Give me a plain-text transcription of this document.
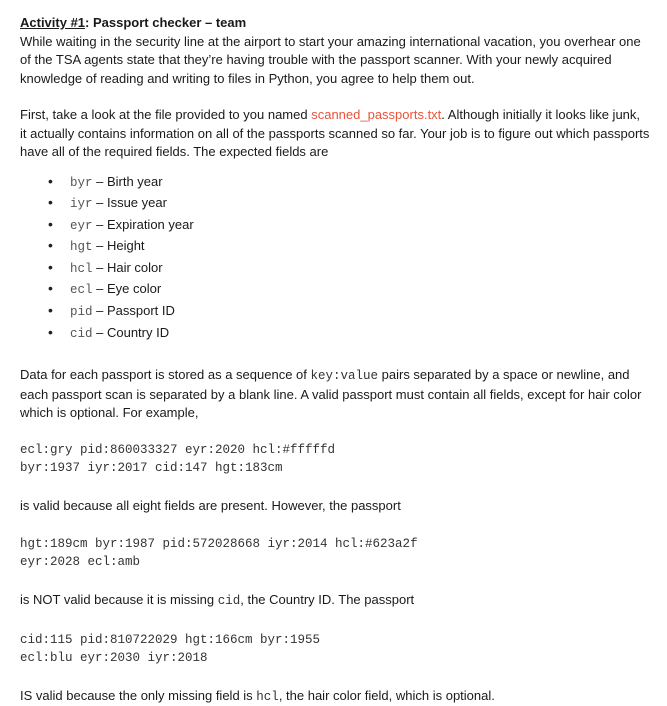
Activity #1: Passport checker – team

While waiting in the security line at the airport to start your amazing international vacation, you overhear one of the TSA agents state that they’re having trouble with the passport scanner. With your newly acquired knowledge of reading and writing to files in Python, you agree to help them out.

First, take a look at the file provided to you named scanned_passports.txt. Although initially it looks like junk, it actually contains information on all of the passports scanned so far. Your job is to figure out which passports have all of the required fields. The expected fields are

• byr – Birth year
• iyr – Issue year
• eyr – Expiration year
• hgt – Height
• hcl – Hair color
• ecl – Eye color
• pid – Passport ID
• cid – Country ID

Data for each passport is stored as a sequence of key:value pairs separated by a space or newline, and each passport scan is separated by a blank line. A valid passport must contain all fields, except for hair color which is optional. For example,

ecl:gry pid:860033327 eyr:2020 hcl:#fffffd
byr:1937 iyr:2017 cid:147 hgt:183cm

is valid because all eight fields are present. However, the passport

hgt:189cm byr:1987 pid:572028668 iyr:2014 hcl:#623a2f
eyr:2028 ecl:amb

is NOT valid because it is missing cid, the Country ID. The passport

cid:115 pid:810722029 hgt:166cm byr:1955
ecl:blu eyr:2030 iyr:2018

IS valid because the only missing field is hcl, the hair color field, which is optional.
